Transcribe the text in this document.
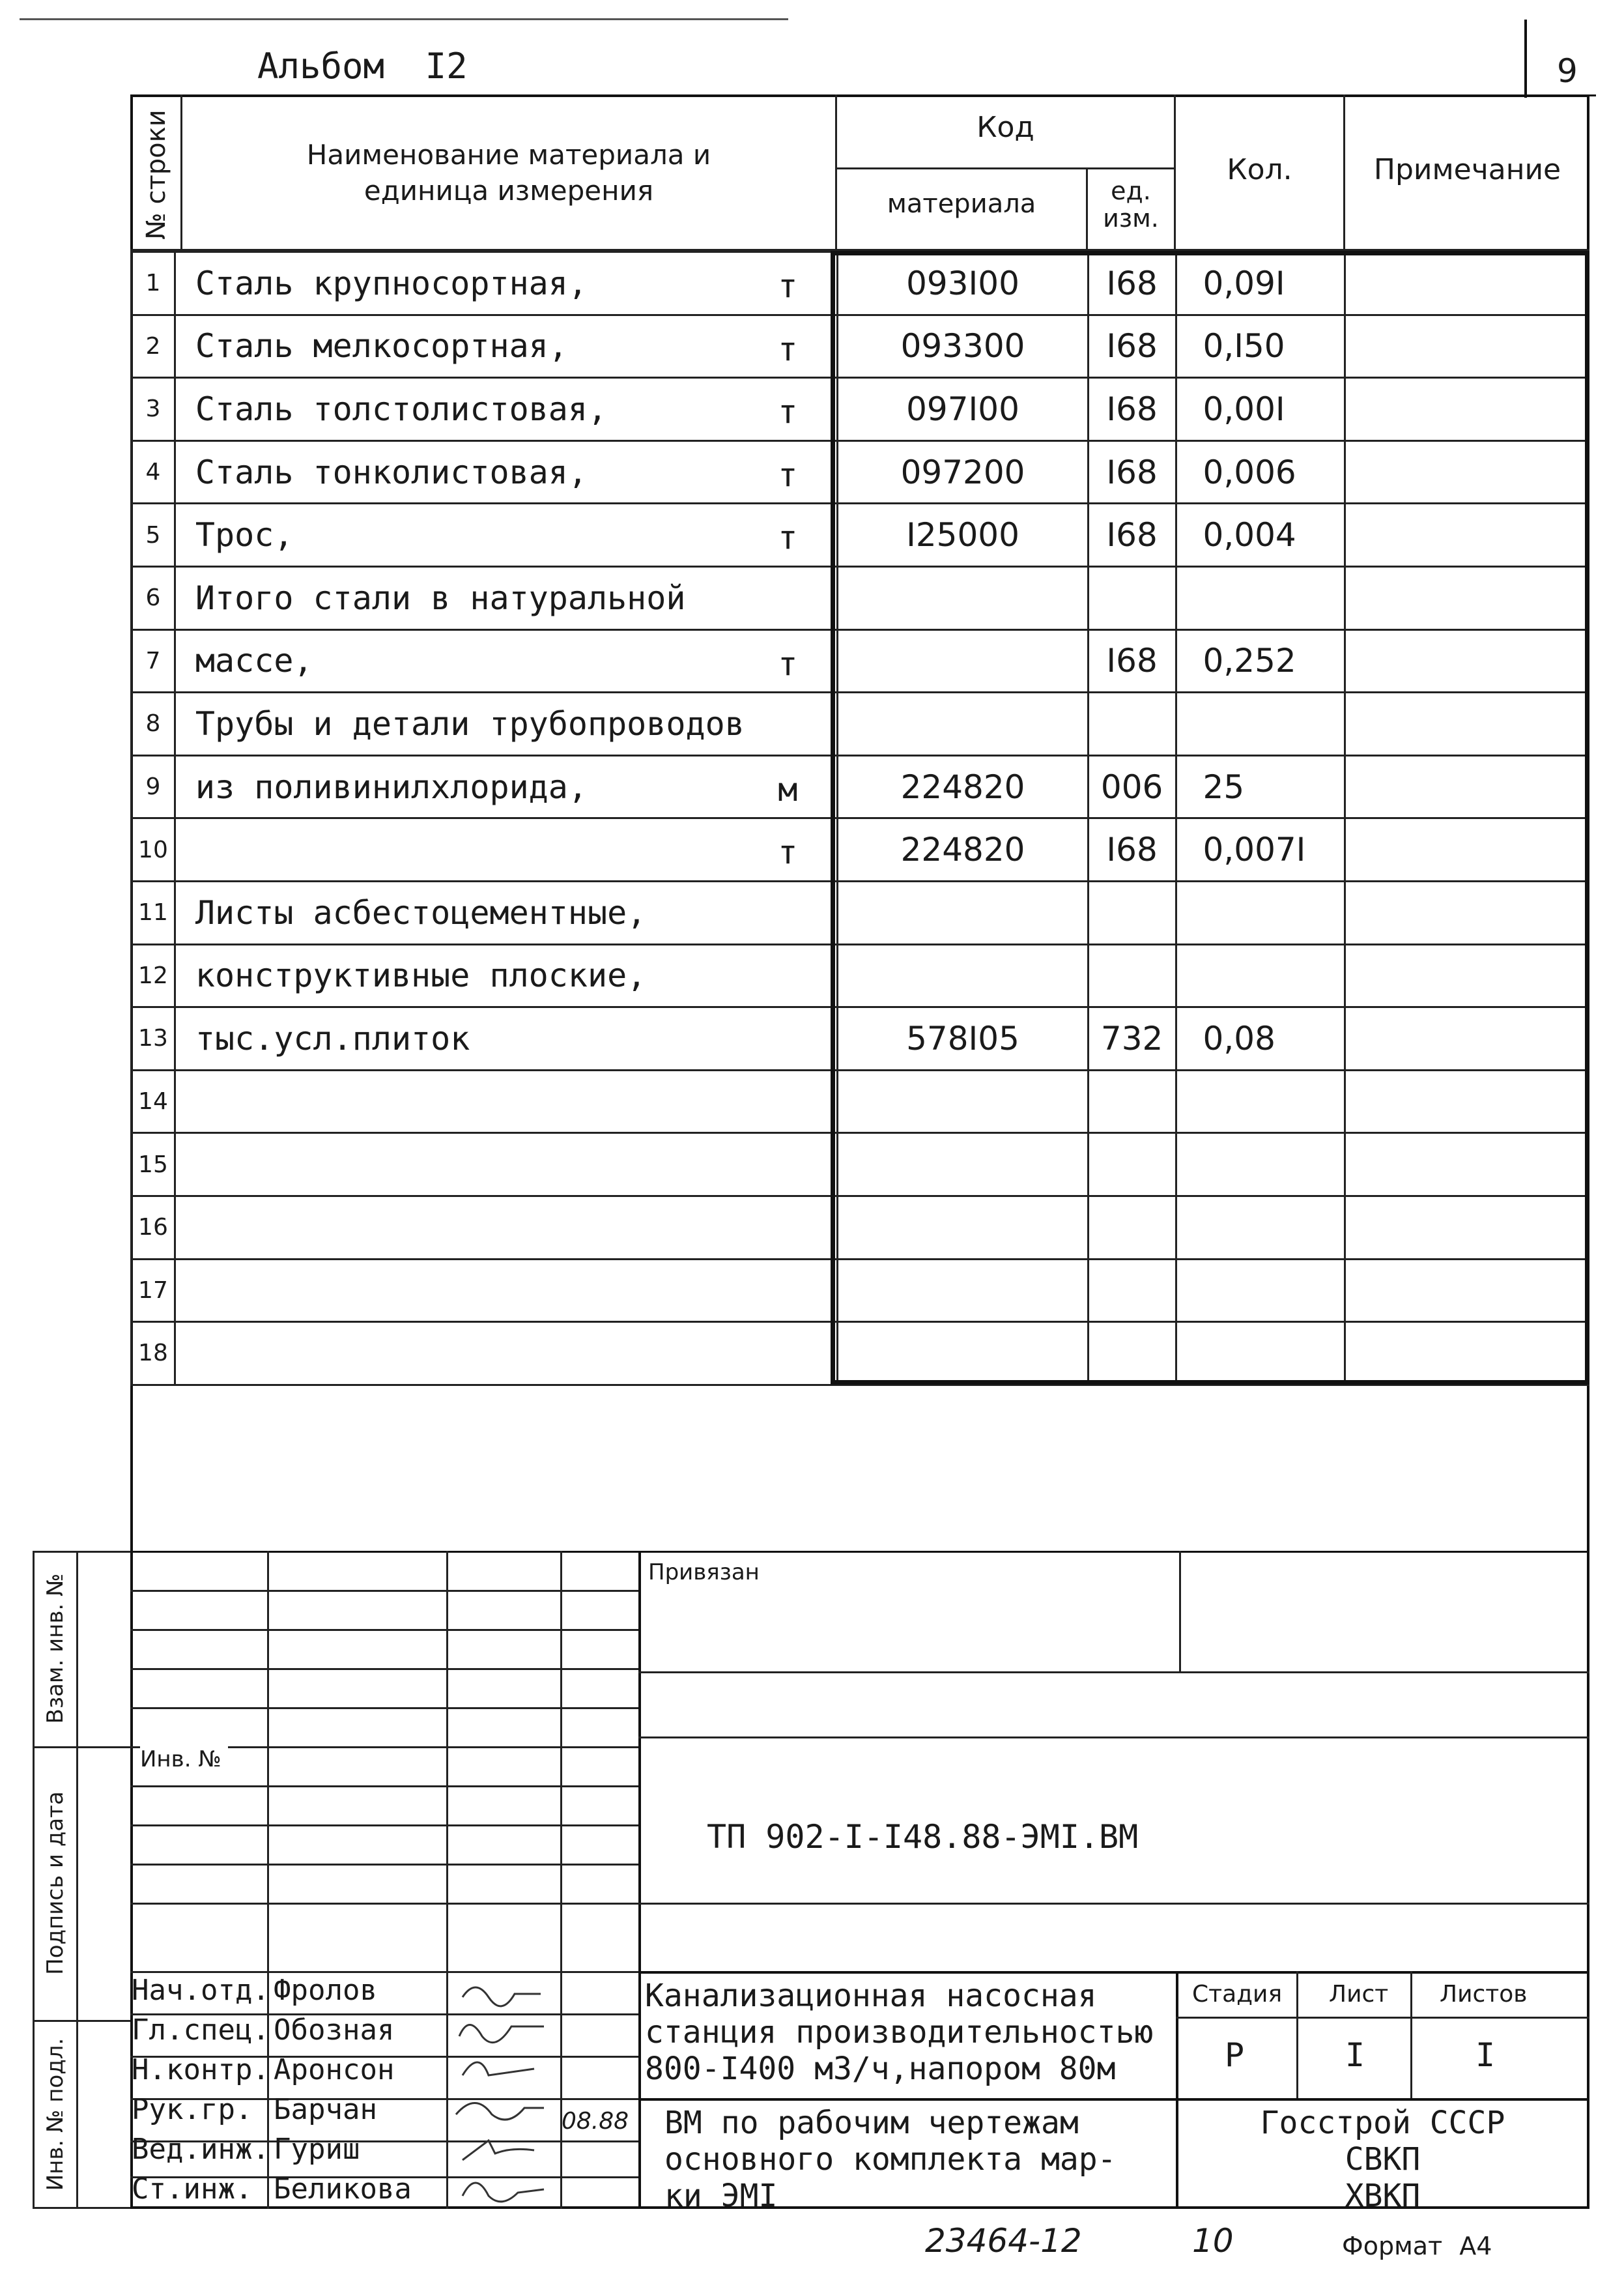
Альбом I2	9
№ строки	Наименование материала и единица измерения
Код
материала	ед. изм.
Кол.	Примечание
1	Сталь крупносортная, т	093I00	I68	0,09I	
2	Сталь мелкосортная, т	093300	I68	0,I50	
3	Сталь толстолистовая, т	097I00	I68	0,00I	
4	Сталь тонколистовая, т	097200	I68	0,006	
5	Трос, т	I25000	I68	0,004	
6	Итого стали в натуральной

7	массе, т		I68	0,252	
8	Трубы и детали трубопроводов

9	из поливинилхлорида, м	224820	006	25	
10	т	224820	I68	0,007I	
11	Листы асбестоцементные,

12	конструктивные плоские,

13	тыс.усл.плиток	578I05	732	0,08	
14	

15	

16	

17	

18	

Взам. инв. №
Подпись и дата
Инв. № подл.
Инв. №
Привязан
ТП 902-I-I48.88-ЭМI.ВМ
Канализационная насосная
станция производительностью
800-I400 м3/ч,напором 80м
Стадия Лист Листов
Р	I	I
ВМ по рабочим чертежам
основного комплекта мар-
ки ЭМI
Госстрой СССР
СВКП
ХВКП
Нач.отд. Фролов
Гл.спец. Обозная
Н.контр. Аронсон
Рук.гр. Барчан
Вед.инж. Гуриш
Ст.инж. Беликова
08.88
23464-12	10	Формат А4
